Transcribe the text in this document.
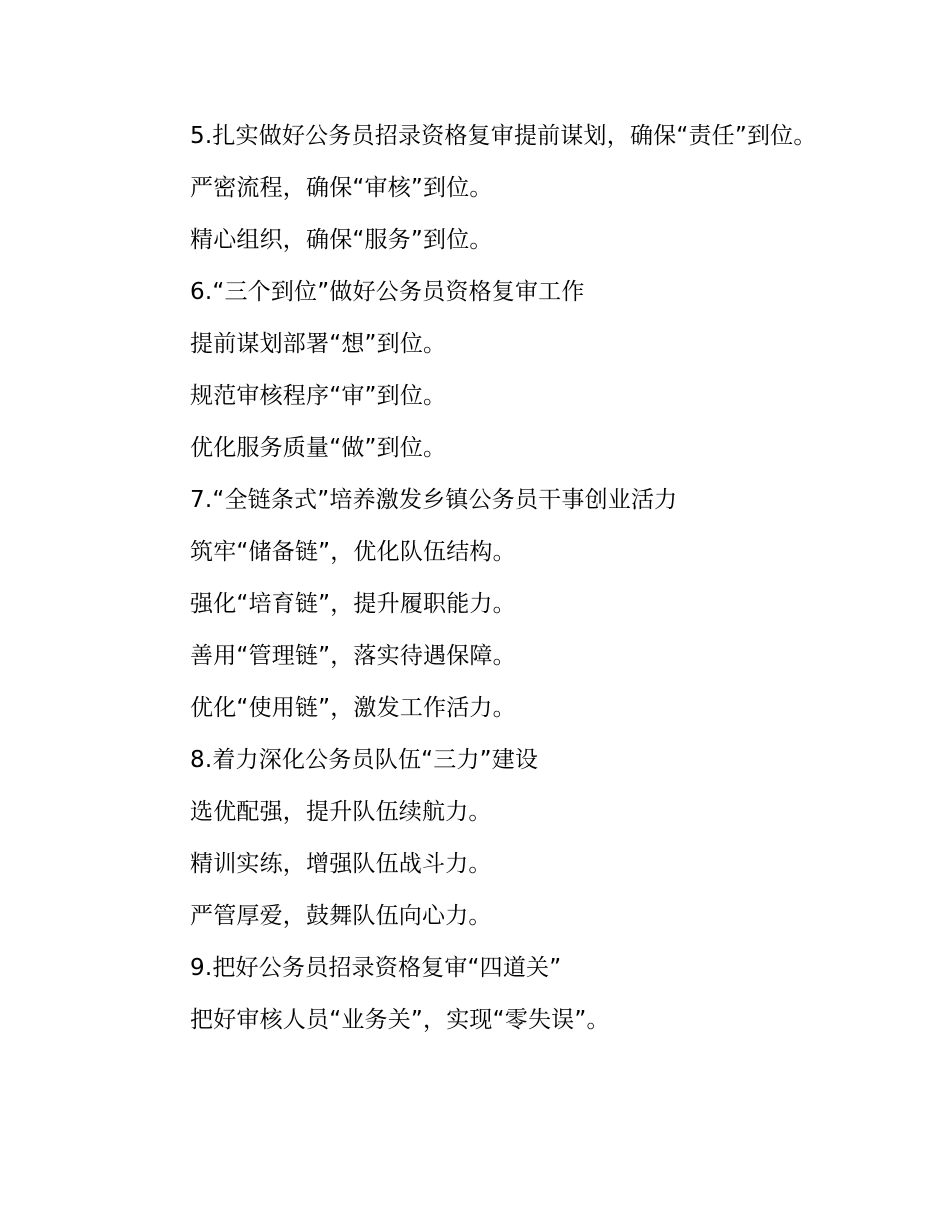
5.扎实做好公务员招录资格复审提前谋划，确保“责任”到位。

严密流程，确保“审核”到位。

精心组织，确保“服务”到位。

6.“三个到位”做好公务员资格复审工作

提前谋划部署“想”到位。

规范审核程序“审”到位。

优化服务质量“做”到位。

7.“全链条式”培养激发乡镇公务员干事创业活力

筑牢“储备链”，优化队伍结构。

强化“培育链”，提升履职能力。

善用“管理链”，落实待遇保障。

优化“使用链”，激发工作活力。

8.着力深化公务员队伍“三力”建设

选优配强，提升队伍续航力。

精训实练，增强队伍战斗力。

严管厚爱，鼓舞队伍向心力。

9.把好公务员招录资格复审“四道关”

把好审核人员“业务关”，实现“零失误”。
